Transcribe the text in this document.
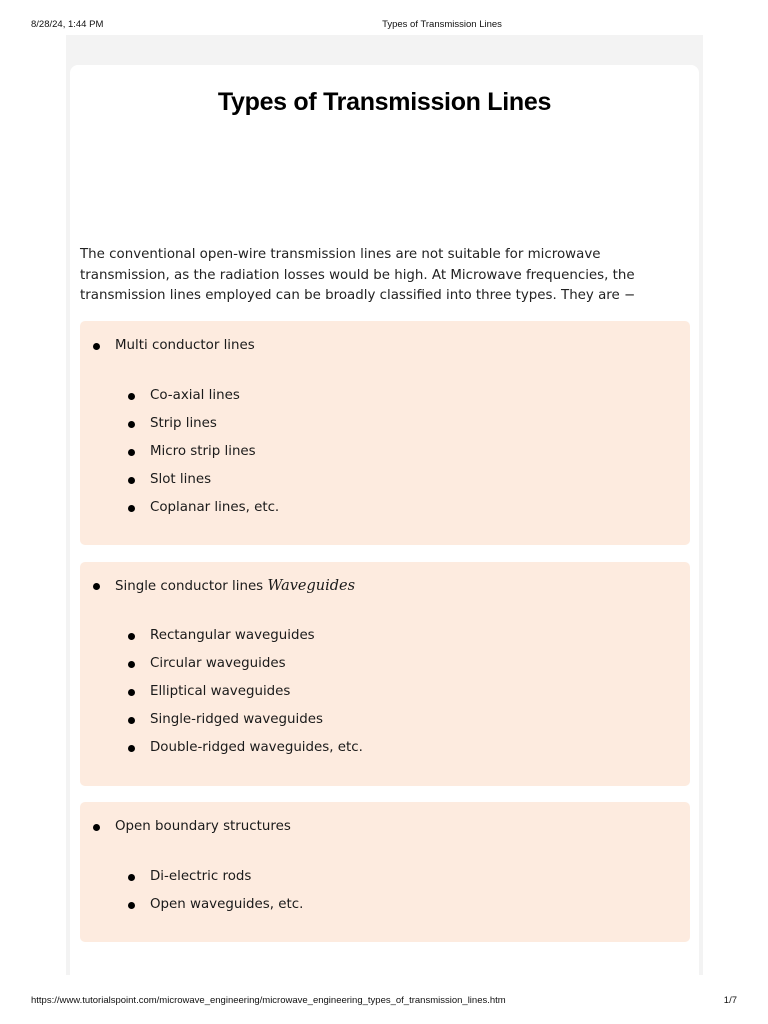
8/28/24, 1:44 PM	Types of Transmission Lines
Types of Transmission Lines

The conventional open-wire transmission lines are not suitable for microwave transmission, as the radiation losses would be high. At Microwave frequencies, the transmission lines employed can be broadly classified into three types. They are −

Multi conductor lines
Co-axial lines
Strip lines
Micro strip lines
Slot lines
Coplanar lines, etc.
Single conductor lines Waveguides
Rectangular waveguides
Circular waveguides
Elliptical waveguides
Single-ridged waveguides
Double-ridged waveguides, etc.
Open boundary structures
Di-electric rods
Open waveguides, etc.
https://www.tutorialspoint.com/microwave_engineering/microwave_engineering_types_of_transmission_lines.htm	1/7
